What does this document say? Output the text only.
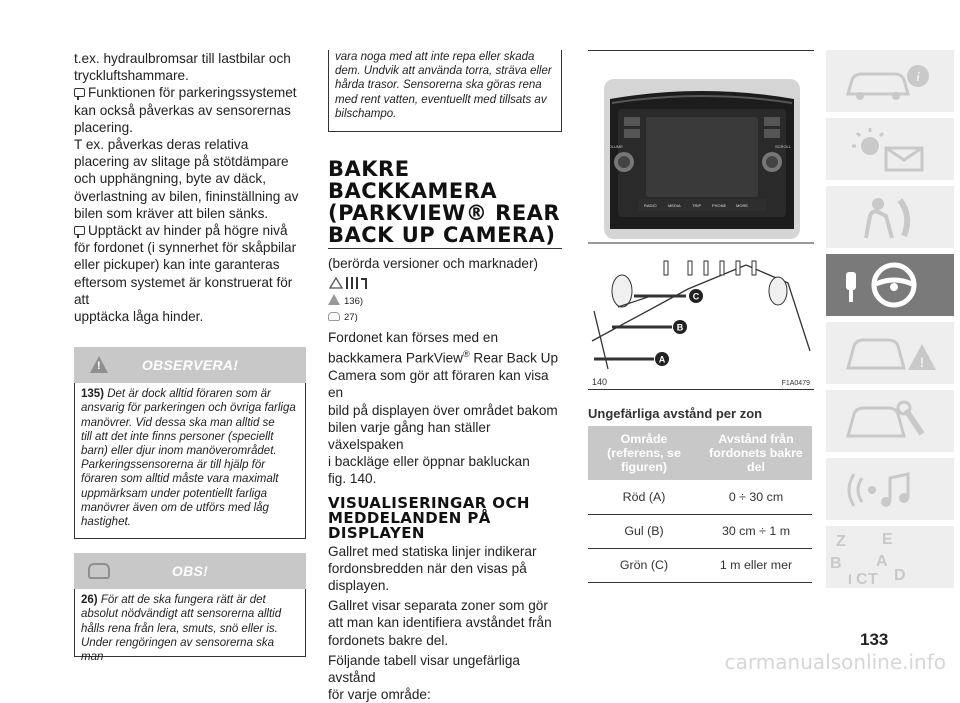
t.ex. hydraulbromsar till lastbilar och
tryckluftshammare.
Funktionen för parkeringssystemet
kan också påverkas av sensorernas
placering.
T ex. påverkas deras relativa
placering av slitage på stötdämpare
och upphängning, byte av däck,
överlastning av bilen, fininställning av
bilen som kräver att bilen sänks.
Upptäckt av hinder på högre nivå
för fordonet (i synnerhet för skåpbilar
eller pickuper) kan inte garanteras
eftersom systemet är konstruerat för att
upptäcka låga hinder.
!
OBSERVERA!
135) Det är dock alltid föraren som är
ansvarig för parkeringen och övriga farliga
manövrer. Vid dessa ska man alltid se
till att det inte finns personer (speciellt
barn) eller djur inom manöverområdet.
Parkeringssensorerna är till hjälp för
föraren som alltid måste vara maximalt
uppmärksam under potentiellt farliga
manövrer även om de utförs med låg
hastighet.
OBS!
26) För att de ska fungera rätt är det
absolut nödvändigt att sensorerna alltid
hålls rena från lera, smuts, snö eller is.
Under rengöringen av sensorerna ska man
vara noga med att inte repa eller skada
dem. Undvik att använda torra, sträva eller
hårda trasor. Sensorerna ska göras rena
med rent vatten, eventuellt med tillsats av
bilschampo.
BAKRE
BACKKAMERA
(PARKVIEW® REAR
BACK UP CAMERA)
(berörda versioner och marknader)
136)
27)
Fordonet kan förses med en
backkamera ParkView® Rear Back Up
Camera som gör att föraren kan visa en
bild på displayen över området bakom
bilen varje gång han ställer växelspaken
i backläge eller öppnar bakluckan
fig. 140.
VISUALISERINGAR OCH
MEDDELANDEN PÅ
DISPLAYEN
Gallret med statiska linjer indikerar
fordonsbredden när den visas på
displayen.
Gallret visar separata zoner som gör
att man kan identifiera avståndet från
fordonets bakre del.
Följande tabell visar ungefärliga avstånd
för varje område:
VOLUME	SCROLL
RADIO	MEDIA	TRIP	PHONE MORE
C
B
A
140	F1A0479
Ungefärliga avstånd per zon
Område (referens, se figuren)	Avstånd från fordonets bakre del
Röd (A)	0 ÷ 30 cm
Gul (B)	30 cm ÷ 1 m
Grön (C)	1 m eller mer
i
!
Z E
B A
I C T D
133
carmanualsonline.info
